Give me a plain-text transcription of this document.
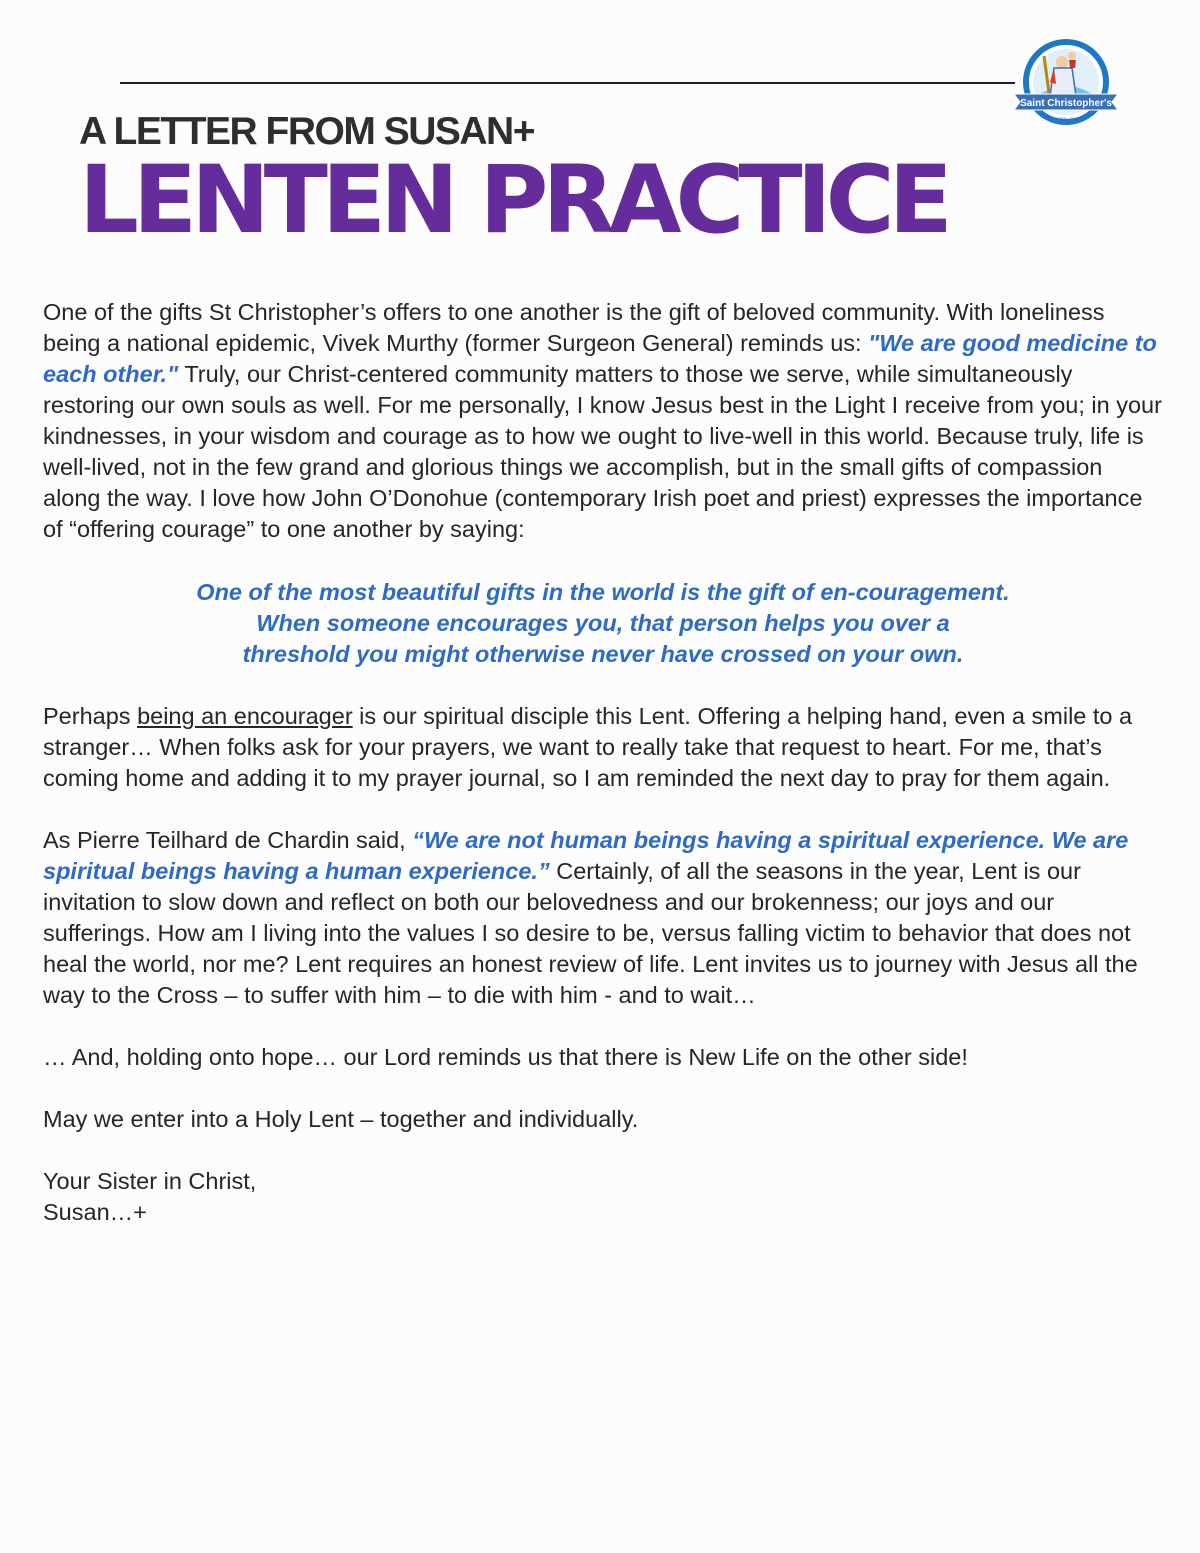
Saint Christopher's
EPISCOPAL CHURCH
A LETTER FROM SUSAN+
LENTEN PRACTICE

One of the gifts St Christopher’s offers to one another is the gift of beloved community. With loneliness being a national epidemic, Vivek Murthy (former Surgeon General) reminds us: "We are good medicine to each other." Truly, our Christ-centered community matters to those we serve, while simultaneously restoring our own souls as well. For me personally, I know Jesus best in the Light I receive from you; in your kindnesses, in your wisdom and courage as to how we ought to live-well in this world. Because truly, life is well-lived, not in the few grand and glorious things we accomplish, but in the small gifts of compassion along the way. I love how John O’Donohue (contemporary Irish poet and priest) expresses the importance of “offering courage” to one another by saying:

One of the most beautiful gifts in the world is the gift of en-couragement.
When someone encourages you, that person helps you over a
threshold you might otherwise never have crossed on your own.

Perhaps being an encourager is our spiritual disciple this Lent. Offering a helping hand, even a smile to a stranger… When folks ask for your prayers, we want to really take that request to heart. For me, that’s coming home and adding it to my prayer journal, so I am reminded the next day to pray for them again.

As Pierre Teilhard de Chardin said, “We are not human beings having a spiritual experience. We are spiritual beings having a human experience.” Certainly, of all the seasons in the year, Lent is our invitation to slow down and reflect on both our belovedness and our brokenness; our joys and our sufferings. How am I living into the values I so desire to be, versus falling victim to behavior that does not heal the world, nor me? Lent requires an honest review of life. Lent invites us to journey with Jesus all the way to the Cross – to suffer with him – to die with him - and to wait…

… And, holding onto hope… our Lord reminds us that there is New Life on the other side!

May we enter into a Holy Lent – together and individually.

Your Sister in Christ,
Susan…+
